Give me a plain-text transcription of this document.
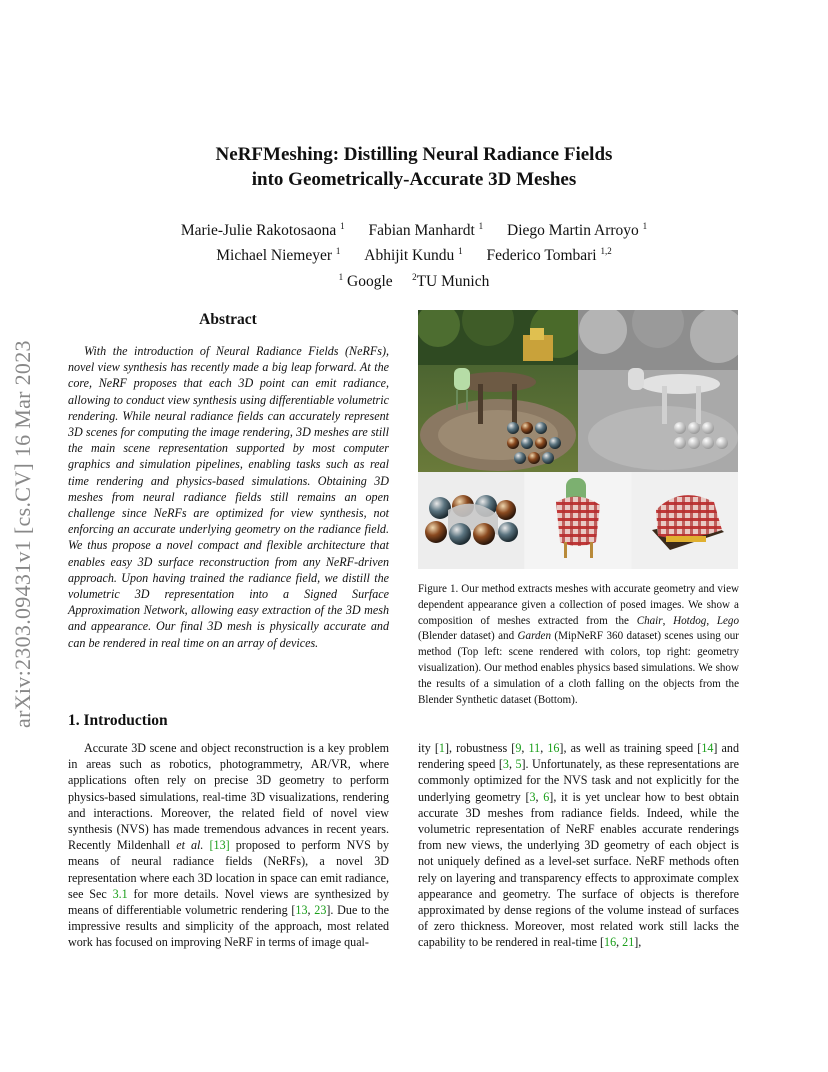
NeRFMeshing: Distilling Neural Radiance Fields
into Geometrically-Accurate 3D Meshes
Marie-Julie Rakotosaona $^1$ Fabian Manhardt $^1$ Diego Martin Arroyo $^1$
Michael Niemeyer $^1$ Abhijit Kundu $^1$ Federico Tombari $^{1,2}$
$^1$ Google $^2$TU Munich
arXiv:2303.09431v1 [cs.CV] 16 Mar 2023
Abstract

With the introduction of Neural Radiance Fields (NeRFs), novel view synthesis has recently made a big leap forward. At the core, NeRF proposes that each 3D point can emit radiance, allowing to conduct view synthesis using differentiable volumetric rendering. While neural radiance fields can accurately represent 3D scenes for computing the image rendering, 3D meshes are still the main scene representation supported by most computer graphics and simulation pipelines, enabling tasks such as real time rendering and physics-based simulations. Obtaining 3D meshes from neural radiance fields still remains an open challenge since NeRFs are optimized for view synthesis, not enforcing an accurate underlying geometry on the radiance field. We thus propose a novel compact and flexible architecture that enables easy 3D surface reconstruction from any NeRF-driven approach. Upon having trained the radiance field, we distill the volumetric 3D representation into a Signed Surface Approximation Network, allowing easy extraction of the 3D mesh and appearance. Our final 3D mesh is physically accurate and can be rendered in real time on an array of devices.

1. Introduction

Accurate 3D scene and object reconstruction is a key problem in areas such as robotics, photogrammetry, AR/VR, where applications often rely on precise 3D geometry to perform physics-based simulations, real-time 3D visualizations, rendering and interactions. Moreover, the related field of novel view synthesis (NVS) has made tremendous advances in recent years. Recently Mildenhall et al. [13] proposed to perform NVS by means of neural radiance fields (NeRFs), a novel 3D representation where each 3D location in space can emit radiance, see Sec 3.1 for more details. Novel views are synthesized by means of differentiable volumetric rendering [13, 23]. Due to the impressive results and simplicity of the approach, most related work has focused on improving NeRF in terms of image qual-

ity [1], robustness [9, 11, 16], as well as training speed [14] and rendering speed [3, 5]. Unfortunately, as these representations are commonly optimized for the NVS task and not explicitly for the underlying geometry [3, 6], it is yet unclear how to best obtain accurate 3D meshes from radiance fields. Indeed, while the volumetric representation of NeRF enables accurate renderings from new views, the underlying 3D geometry of each object is not uniquely defined as a level-set surface. NeRF methods often rely on layering and transparency effects to approximate complex appearance and geometry. The surface of objects is therefore approximated by dense regions of the volume instead of surfaces of zero thickness. Moreover, most related work still lacks the capability to be rendered in real-time [16, 21],

Figure 1. Our method extracts meshes with accurate geometry and view dependent appearance given a collection of posed images. We show a composition of meshes extracted from the Chair, Hotdog, Lego (Blender dataset) and Garden (MipNeRF 360 dataset) scenes using our method (Top left: scene rendered with colors, top right: geometry visualization). Our method enables physics based simulations. We show the results of a simulation of a cloth falling on the objects from the Blender Synthetic dataset (Bottom).
